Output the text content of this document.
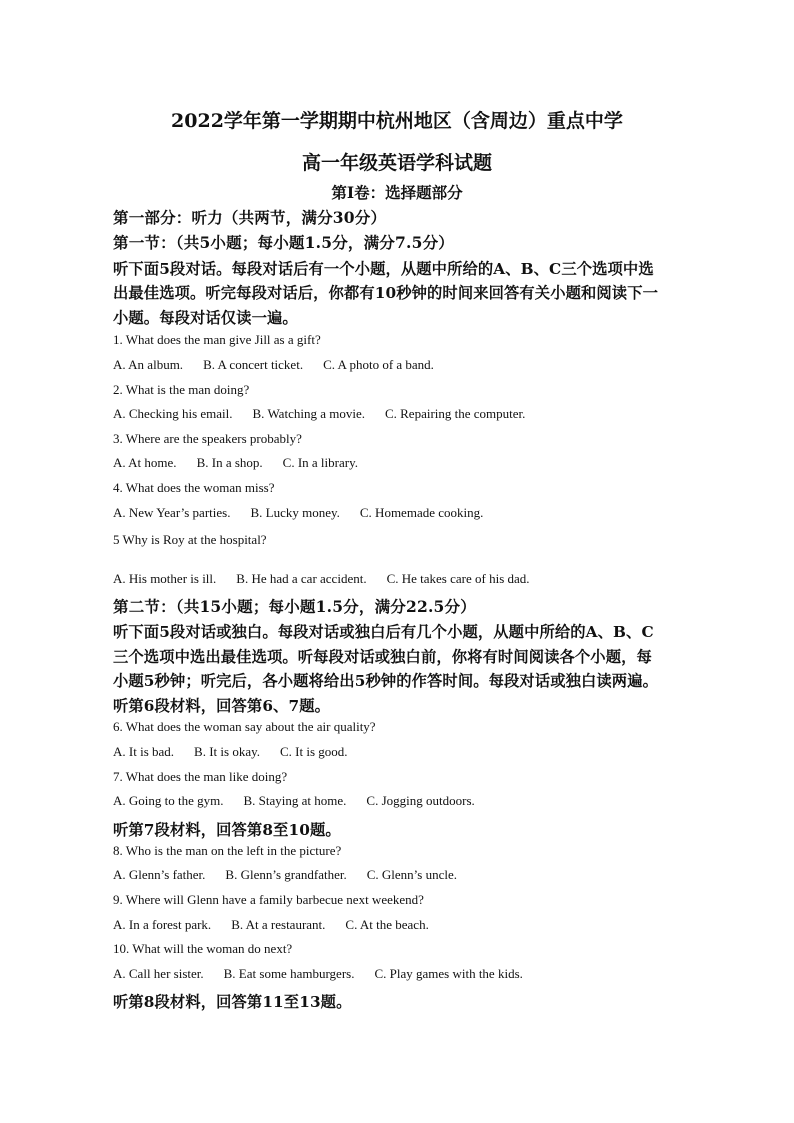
2022学年第一学期期中杭州地区（含周边）重点中学
高一年级英语学科试题
第Ⅰ卷：选择题部分
第一部分：听力（共两节，满分30分）
第一节：（共5小题；每小题1.5分，满分7.5分）
听下面5段对话。每段对话后有一个小题，从题中所给的A、B、C三个选项中选
出最佳选项。听完每段对话后，你都有10秒钟的时间来回答有关小题和阅读下一
小题。每段对话仅读一遍。
1. What does the man give Jill as a gift?
A. An album. B. A concert ticket. C. A photo of a band.
2. What is the man doing?
A. Checking his email. B. Watching a movie. C. Repairing the computer.
3. Where are the speakers probably?
A. At home. B. In a shop. C. In a library.
4. What does the woman miss?
A. New Year’s parties. B. Lucky money. C. Homemade cooking.
5 Why is Roy at the hospital?
A. His mother is ill. B. He had a car accident. C. He takes care of his dad.
第二节：（共15小题；每小题1.5分，满分22.5分）
听下面5段对话或独白。每段对话或独白后有几个小题，从题中所给的A、B、C
三个选项中选出最佳选项。听每段对话或独白前，你将有时间阅读各个小题，每
小题5秒钟；听完后，各小题将给出5秒钟的作答时间。每段对话或独白读两遍。
听第6段材料，回答第6、7题。
6. What does the woman say about the air quality?
A. It is bad. B. It is okay. C. It is good.
7. What does the man like doing?
A. Going to the gym. B. Staying at home. C. Jogging outdoors.
听第7段材料，回答第8至10题。
8. Who is the man on the left in the picture?
A. Glenn’s father. B. Glenn’s grandfather. C. Glenn’s uncle.
9. Where will Glenn have a family barbecue next weekend?
A. In a forest park. B. At a restaurant. C. At the beach.
10. What will the woman do next?
A. Call her sister. B. Eat some hamburgers. C. Play games with the kids.
听第8段材料，回答第11至13题。
